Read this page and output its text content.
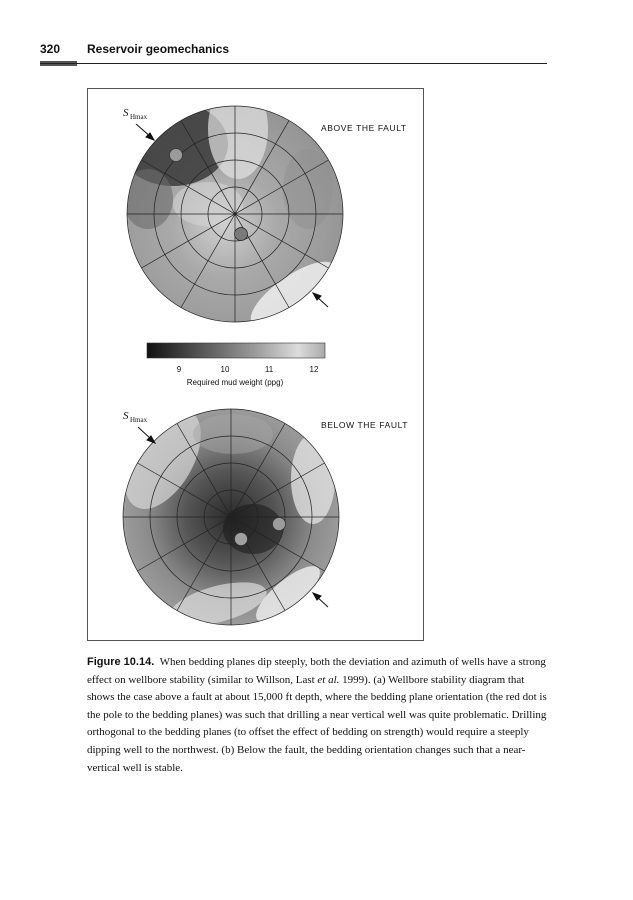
320 Reservoir geomechanics
ABOVE THE FAULT
S Hmax
9	10	11	12
Required mud weight (ppg)
BELOW THE FAULT
S Hmax
Figure 10.14. When bedding planes dip steeply, both the deviation and azimuth of wells have a strong effect on wellbore stability (similar to Willson, Last et al. 1999). (a) Wellbore stability diagram that shows the case above a fault at about 15,000 ft depth, where the bedding plane orientation (the red dot is the pole to the bedding planes) was such that drilling a near vertical well was quite problematic. Drilling orthogonal to the bedding planes (to offset the effect of bedding on strength) would require a steeply dipping well to the northwest. (b) Below the fault, the bedding orientation changes such that a near-vertical well is stable.
